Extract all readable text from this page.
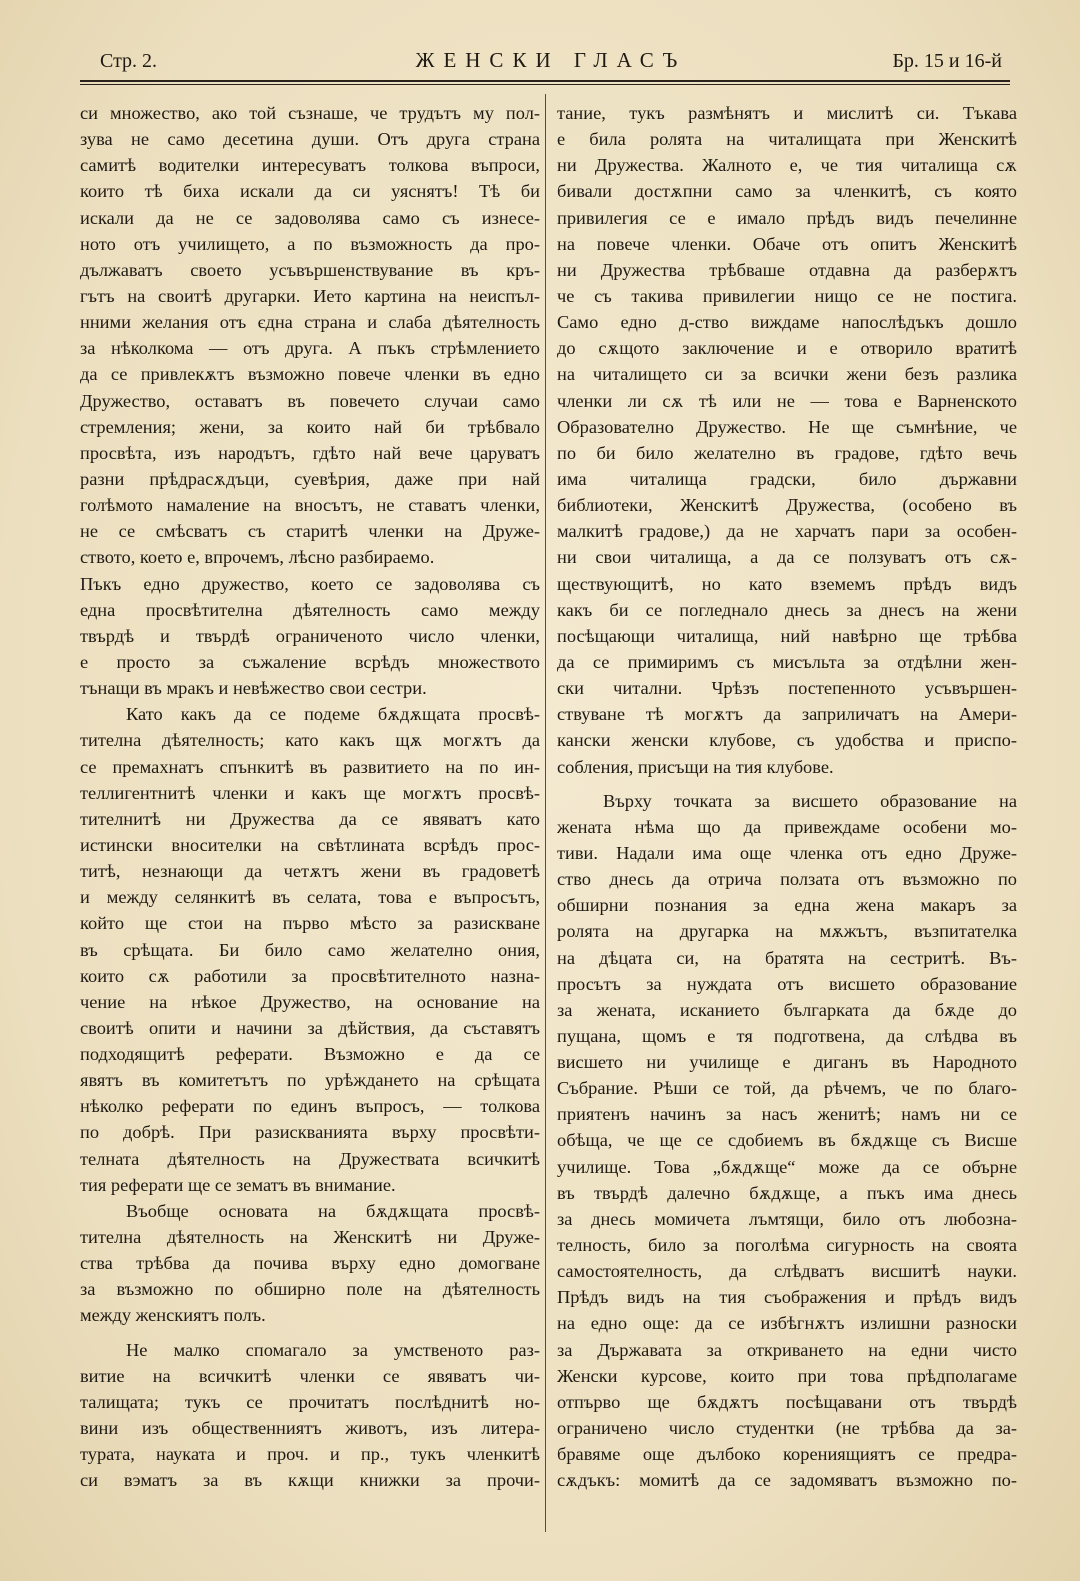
Стр. 2.	ЖЕНСКИ ГЛАСЪ	Бр. 15 и 16-й
си множество, ако той съзнаше, че трудътъ му пол-
зува не само десетина души. Отъ друга страна
самитѣ водителки интересуватъ толкова въпроси,
които тѣ биха искали да си уяснятъ! Тѣ би
искали да не се задоволява само съ изнесе-
ното отъ училището, а по възможность да про-
дължаватъ своето усъвършенствувание въ кръ-
гътъ на своитѣ другарки. Ието картина на неиспъл-
нними желания отъ єдна страна и слаба дѣятелность
за нѣколкома — отъ друга. А пъкъ стрѣмлението
да се привлекѫтъ възможно повече членки въ едно
Дружество, оставатъ въ повечето случаи само
стремления; жени, за които най би трѣбвало
просвѣта, изъ народътъ, гдѣто най вече царуватъ
разни прѣдрасѫдъци, суевѣрия, даже при най
голѣмото намаление на вносътъ, не ставатъ членки,
не се смѣсватъ съ старитѣ членки на Друже-
ството, което е, впрочемъ, лѣсно разбираемо.
Пъкъ едно дружество, което се задоволява съ
една просвѣтителна дѣятелность само между
твърдѣ и твърдѣ ограниченото число членки,
е просто за съжаление всрѣдъ множеството
тънащи въ мракъ и невѣжество свои сестри.
Като какъ да се подеме бѫдѫщата просвѣ-
тителна дѣятелность; като какъ щѫ могѫтъ да
се премахнатъ спънкитѣ въ развитието на по ин-
теллигентнитѣ членки и какъ ще могѫтъ просвѣ-
тителнитѣ ни Дружества да се явяватъ като
истински вносителки на свѣтлината всрѣдъ прос-
титѣ, незнающи да четѫтъ жени въ градоветѣ
и между селянкитѣ въ селата, това е въпросътъ,
който ще стои на първо мѣсто за разискване
въ срѣщата. Би било само желателно ония,
които сѫ работили за просвѣтителното назна-
чение на нѣкое Дружество, на основание на
своитѣ опити и начини за дѣйствия, да съставятъ
подходящитѣ реферати. Възможно е да се
явятъ въ комитетътъ по урѣждането на срѣщата
нѣколко реферати по единъ въпросъ, — толкова
по добрѣ. При разискванията върху просвѣти-
телната дѣятелность на Дружествата всичкитѣ
тия реферати ще се зематъ въ внимание.
Въобще основата на бѫдѫщата просвѣ-
тителна дѣятелность на Женскитѣ ни Друже-
ства трѣбва да почива върху едно домогване
за възможно по обширно поле на дѣятелность
между женскиятъ полъ.
Не малко спомагало за умственото раз-
витие на всичкитѣ членки се явяватъ чи-
талищата; тукъ се прочитатъ послѣднитѣ но-
вини изъ общественниятъ животъ, изъ литера-
турата, науката и проч. и пр., тукъ членкитѣ
си вэматъ за въ кѫщи книжки за прочи-
тание, тукъ размѣнятъ и мислитѣ си. Тъкава
е била ролята на читалищата при Женскитѣ
ни Дружества. Жалното е, че тия читалища сѫ
бивали достѫпни само за членкитѣ, съ която
привилегия се е имало прѣдъ видъ печелинне
на повече членки. Обаче отъ опитъ Женскитѣ
ни Дружества трѣбваше отдавна да разберѫтъ
че съ такива привилегии нищо се не постига.
Само едно д-ство виждаме напослѣдъкъ дошло
до сѫщото заключение и е отворило вратитѣ
на читалището си за всички жени безъ разлика
членки ли сѫ тѣ или не — това е Варненското
Образователно Дружество. Не ще съмнѣние, че
по би било желателно въ градове, гдѣто вечь
има читалища градски, било държавни
библиотеки, Женскитѣ Дружества, (особено въ
малкитѣ градове,) да не харчатъ пари за особен-
ни свои читалища, а да се ползуватъ отъ сѫ-
ществующитѣ, но като вземемъ прѣдъ видъ
какъ би се погледнало днесь за днесъ на жени
посѣщающи читалища, ний навѣрно ще трѣбва
да се примиримъ съ мисъльта за отдѣлни жен-
ски читални. Чрѣзъ постепенното усъвършен-
ствуване тѣ могѫтъ да заприличатъ на Амери-
кански женски клубове, съ удобства и приспо-
собления, присъщи на тия клубове.
Върху точката за висшето образование на
жената нѣма що да привеждаме особени мо-
тиви. Надали има още членка отъ едно Друже-
ство днесь да отрича ползата отъ възможно по
обширни познания за една жена макаръ за
ролята на другарка на мѫжътъ, възпитателка
на дѣцата си, на братята на сестритѣ. Въ-
просътъ за нуждата отъ висшето образование
за жената, исканието българката да бѫде до
пущана, щомъ е тя подготвена, да слѣдва въ
висшето ни училище е диганъ въ Народното
Събрание. Рѣши се той, да рѣчемъ, че по благо-
приятенъ начинъ за насъ женитѣ; намъ ни се
обѣща, че ще се сдобиемъ въ бѫдѫще съ Висше
училище. Това „бѫдѫще“ може да се обърне
въ твърдѣ далечно бѫдѫще, а пъкъ има днесь
за днесь момичета лъмтящи, било отъ любозна-
телность, било за поголѣма сигурность на своята
самостоятелность, да слѣдватъ висшитѣ науки.
Прѣдъ видъ на тия съображения и прѣдъ видъ
на едно още: да се избѣгнѫтъ излишни разноски
за Държавата за откриването на едни чисто
Женски курсове, които при това прѣдполагаме
отпърво ще бѫдѫтъ посѣщавани отъ твърдѣ
ограничено число студентки (не трѣбва да за-
бравяме още дълбоко корениящиятъ се предра-
сѫдъкъ: момитѣ да се задомяватъ възможно по-
